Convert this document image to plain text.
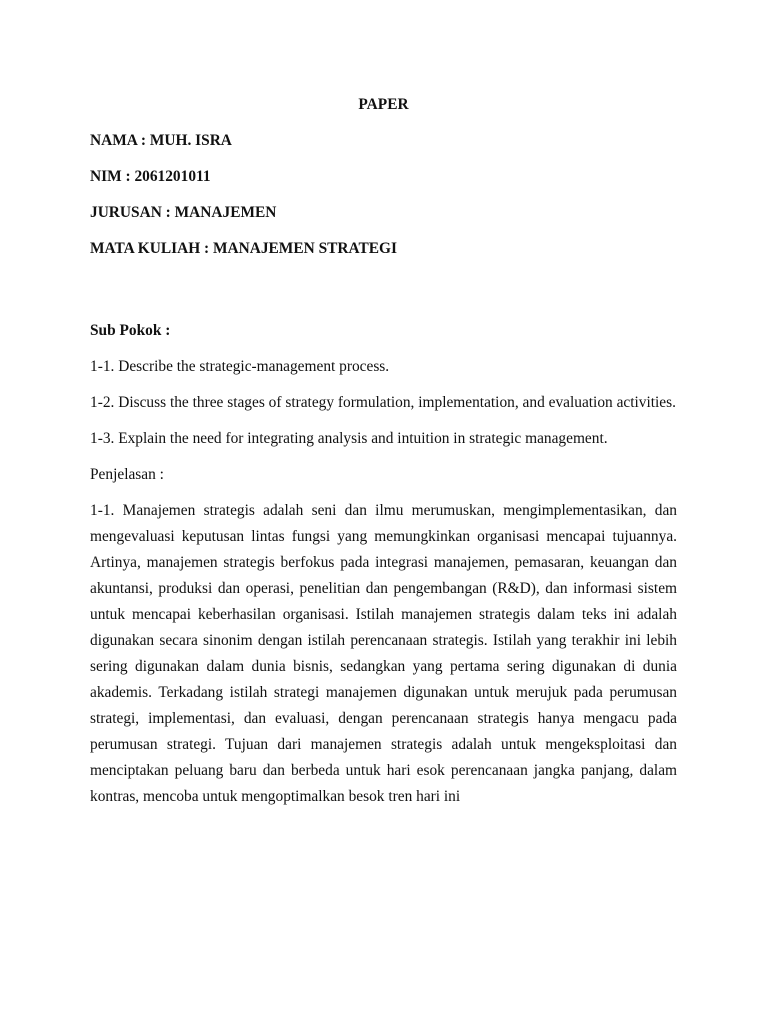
PAPER
NAMA : MUH. ISRA
NIM : 2061201011
JURUSAN : MANAJEMEN
MATA KULIAH : MANAJEMEN STRATEGI
Sub Pokok :
1-1. Describe the strategic-management process.
1-2. Discuss the three stages of strategy formulation, implementation, and evaluation activities.
1-3. Explain the need for integrating analysis and intuition in strategic management.
Penjelasan :
1-1. Manajemen strategis adalah seni dan ilmu merumuskan, mengimplementasikan, dan mengevaluasi keputusan lintas fungsi yang memungkinkan organisasi mencapai tujuannya. Artinya, manajemen strategis berfokus pada integrasi manajemen, pemasaran, keuangan dan akuntansi, produksi dan operasi, penelitian dan pengembangan (R&D), dan informasi sistem untuk mencapai keberhasilan organisasi. Istilah manajemen strategis dalam teks ini adalah digunakan secara sinonim dengan istilah perencanaan strategis. Istilah yang terakhir ini lebih sering digunakan dalam dunia bisnis, sedangkan yang pertama sering digunakan di dunia akademis. Terkadang istilah strategi manajemen digunakan untuk merujuk pada perumusan strategi, implementasi, dan evaluasi, dengan perencanaan strategis hanya mengacu pada perumusan strategi. Tujuan dari manajemen strategis adalah untuk mengeksploitasi dan menciptakan peluang baru dan berbeda untuk hari esok perencanaan jangka panjang, dalam kontras, mencoba untuk mengoptimalkan besok tren hari ini
